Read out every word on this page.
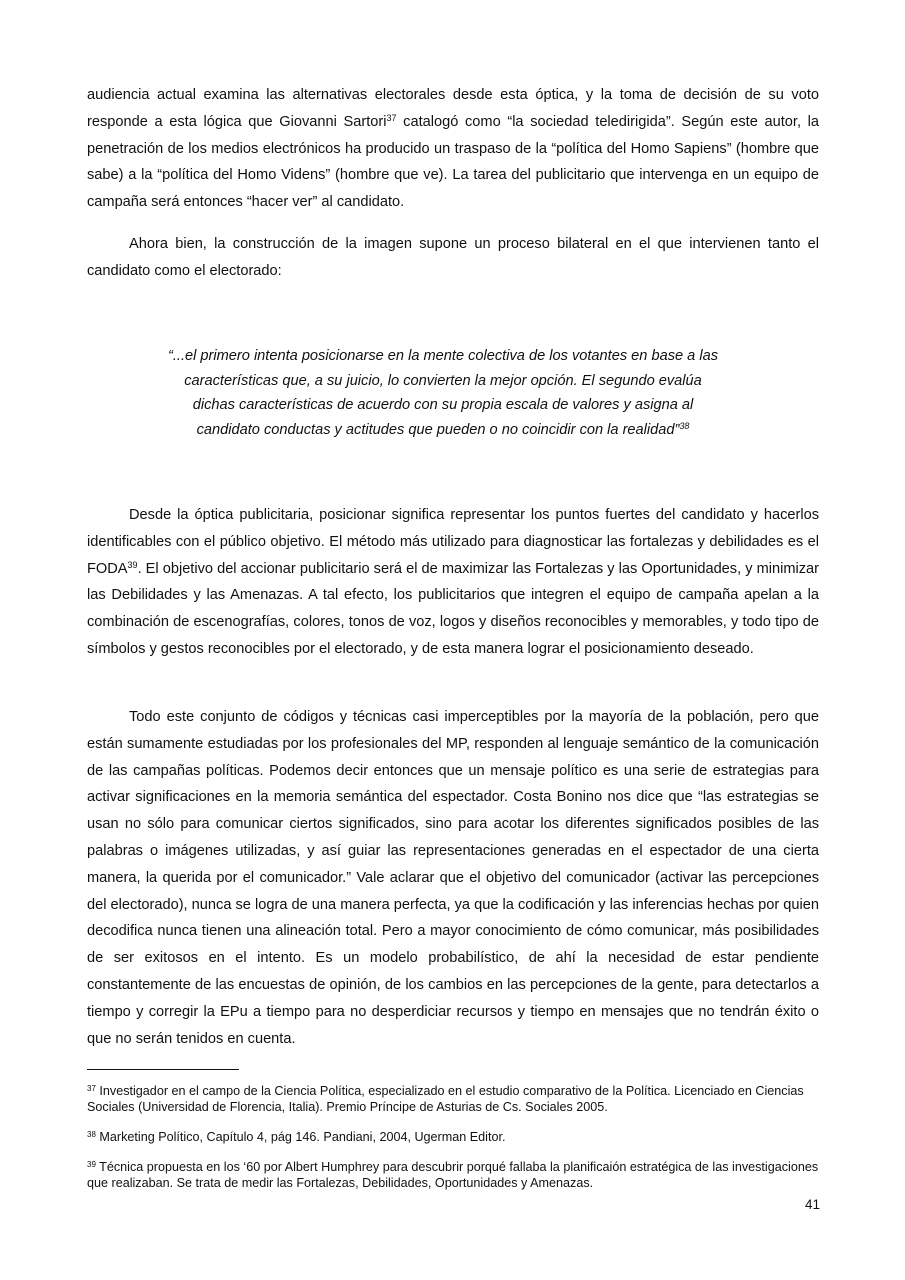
audiencia actual examina las alternativas electorales desde esta óptica, y la toma de decisión de su voto responde a esta lógica que Giovanni Sartori$^{37}$ catalogó como “la sociedad teledirigida”. Según este autor, la penetración de los medios electrónicos ha producido un traspaso de la “política del Homo Sapiens” (hombre que sabe) a la “política del Homo Videns” (hombre que ve). La tarea del publicitario que intervenga en un equipo de campaña será entonces “hacer ver” al candidato.

Ahora bien, la construcción de la imagen supone un proceso bilateral en el que intervienen tanto el candidato como el electorado:

“...el primero intenta posicionarse en la mente colectiva de los votantes en base a las
características que, a su juicio, lo convierten la mejor opción. El segundo evalúa
dichas características de acuerdo con su propia escala de valores y asigna al
candidato conductas y actitudes que pueden o no coincidir con la realidad”$^{38}$

Desde la óptica publicitaria, posicionar significa representar los puntos fuertes del candidato y hacerlos identificables con el público objetivo. El método más utilizado para diagnosticar las fortalezas y debilidades es el FODA$^{39}$. El objetivo del accionar publicitario será el de maximizar las Fortalezas y las Oportunidades, y minimizar las Debilidades y las Amenazas. A tal efecto, los publicitarios que integren el equipo de campaña apelan a la combinación de escenografías, colores, tonos de voz, logos y diseños reconocibles y memorables, y todo tipo de símbolos y gestos reconocibles por el electorado, y de esta manera lograr el posicionamiento deseado.

Todo este conjunto de códigos y técnicas casi imperceptibles por la mayoría de la población, pero que están sumamente estudiadas por los profesionales del MP, responden al lenguaje semántico de la comunicación de las campañas políticas. Podemos decir entonces que un mensaje político es una serie de estrategias para activar significaciones en la memoria semántica del espectador. Costa Bonino nos dice que “las estrategias se usan no sólo para comunicar ciertos significados, sino para acotar los diferentes significados posibles de las palabras o imágenes utilizadas, y así guiar las representaciones generadas en el espectador de una cierta manera, la querida por el comunicador.” Vale aclarar que el objetivo del comunicador (activar las percepciones del electorado), nunca se logra de una manera perfecta, ya que la codificación y las inferencias hechas por quien decodifica nunca tienen una alineación total. Pero a mayor conocimiento de cómo comunicar, más posibilidades de ser exitosos en el intento. Es un modelo probabilístico, de ahí la necesidad de estar pendiente constantemente de las encuestas de opinión, de los cambios en las percepciones de la gente, para detectarlos a tiempo y corregir la EPu a tiempo para no desperdiciar recursos y tiempo en mensajes que no tendrán éxito o que no serán tenidos en cuenta.

$^{37}$ Investigador en el campo de la Ciencia Política, especializado en el estudio comparativo de la Política. Licenciado en Ciencias Sociales (Universidad de Florencia, Italia). Premio Príncipe de Asturias de Cs. Sociales 2005.

$^{38}$ Marketing Político, Capítulo 4, pág 146. Pandiani, 2004, Ugerman Editor.

$^{39}$ Técnica propuesta en los ‘60 por Albert Humphrey para descubrir porqué fallaba la planificaión estratégica de las investigaciones que realizaban. Se trata de medir las Fortalezas, Debilidades, Oportunidades y Amenazas.

41
